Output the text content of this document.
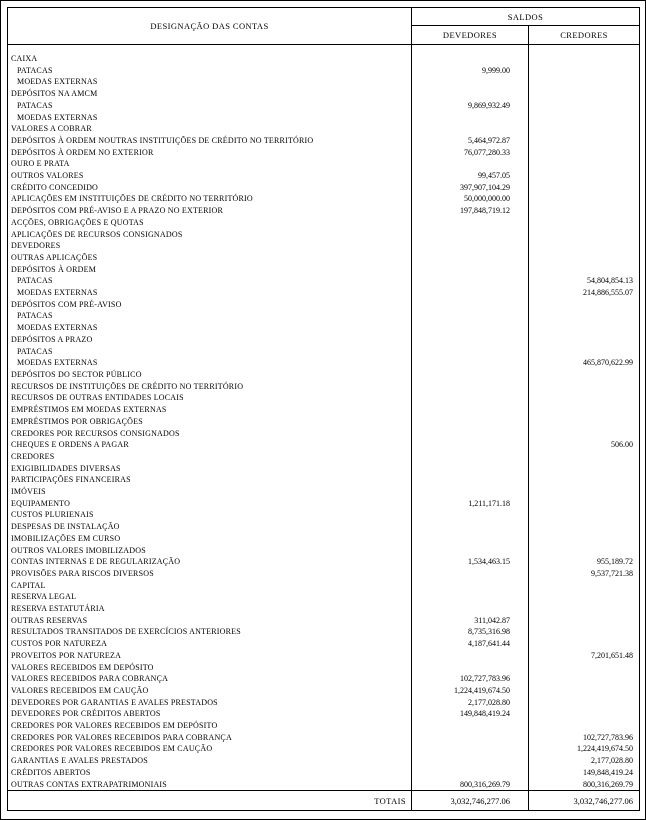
DESIGNAÇÃO DAS CONTAS	SALDOS	
	DEVEDORES	CREDORES
CAIXA		
PATACAS	9,999.00	
MOEDAS EXTERNAS		
DEPÓSITOS NA AMCM		
PATACAS	9,869,932.49	
MOEDAS EXTERNAS		
VALORES A COBRAR		
DEPÓSITOS À ORDEM NOUTRAS INSTITUIÇÕES DE CRÉDITO NO TERRITÓRIO	5,464,972.87	
DEPÓSITOS À ORDEM NO EXTERIOR	76,077,280.33	
OURO E PRATA		
OUTROS VALORES	99,457.05	
CRÉDITO CONCEDIDO	397,907,104.29	
APLICAÇÕES EM INSTITUIÇÕES DE CRÉDITO NO TERRITÓRIO	50,000,000.00	
DEPÓSITOS COM PRÉ-AVISO E A PRAZO NO EXTERIOR	197,848,719.12	
ACÇÕES, OBRIGAÇÕES E QUOTAS		
APLICAÇÕES DE RECURSOS CONSIGNADOS		
DEVEDORES		
OUTRAS APLICAÇÕES		
DEPÓSITOS À ORDEM		
PATACAS		54,804,854.13
MOEDAS EXTERNAS		214,886,555.07
DEPÓSITOS COM PRÉ-AVISO		
PATACAS		
MOEDAS EXTERNAS		
DEPÓSITOS A PRAZO		
PATACAS		
MOEDAS EXTERNAS		465,870,622.99
DEPÓSITOS DO SECTOR PÚBLICO		
RECURSOS DE INSTITUIÇÕES DE CRÉDITO NO TERRITÓRIO		
RECURSOS DE OUTRAS ENTIDADES LOCAIS		
EMPRÉSTIMOS EM MOEDAS EXTERNAS		
EMPRÉSTIMOS POR OBRIGAÇÕES		
CREDORES POR RECURSOS CONSIGNADOS		
CHEQUES E ORDENS A PAGAR		506.00
CREDORES		
EXIGIBILIDADES DIVERSAS		
PARTICIPAÇÕES FINANCEIRAS		
IMÓVEIS		
EQUIPAMENTO	1,211,171.18	
CUSTOS PLURIENAIS		
DESPESAS DE INSTALAÇÃO		
IMOBILIZAÇÕES EM CURSO		
OUTROS VALORES IMOBILIZADOS		
CONTAS INTERNAS E DE REGULARIZAÇÃO	1,534,463.15	955,189.72
PROVISÕES PARA RISCOS DIVERSOS		9,537,721.38
CAPITAL		
RESERVA LEGAL		
RESERVA ESTATUTÁRIA		
OUTRAS RESERVAS	311,042.87	
RESULTADOS TRANSITADOS DE EXERCÍCIOS ANTERIORES	8,735,316.98	
CUSTOS POR NATUREZA	4,187,641.44	
PROVEITOS POR NATUREZA		7,201,651.48
VALORES RECEBIDOS EM DEPÓSITO		
VALORES RECEBIDOS PARA COBRANÇA	102,727,783.96	
VALORES RECEBIDOS EM CAUÇÃO	1,224,419,674.50	
DEVEDORES POR GARANTIAS E AVALES PRESTADOS	2,177,028.80	
DEVEDORES POR CRÉDITOS ABERTOS	149,848,419.24	
CREDORES POR VALORES RECEBIDOS EM DEPÓSITO		
CREDORES POR VALORES RECEBIDOS PARA COBRANÇA		102,727,783.96
CREDORES POR VALORES RECEBIDOS EM CAUÇÃO		1,224,419,674.50
GARANTIAS E AVALES PRESTADOS		2,177,028.80
CRÉDITOS ABERTOS		149,848,419.24
OUTRAS CONTAS EXTRAPATRIMONIAIS	800,316,269.79	800,316,269.79
TOTAIS	3,032,746,277.06	3,032,746,277.06
